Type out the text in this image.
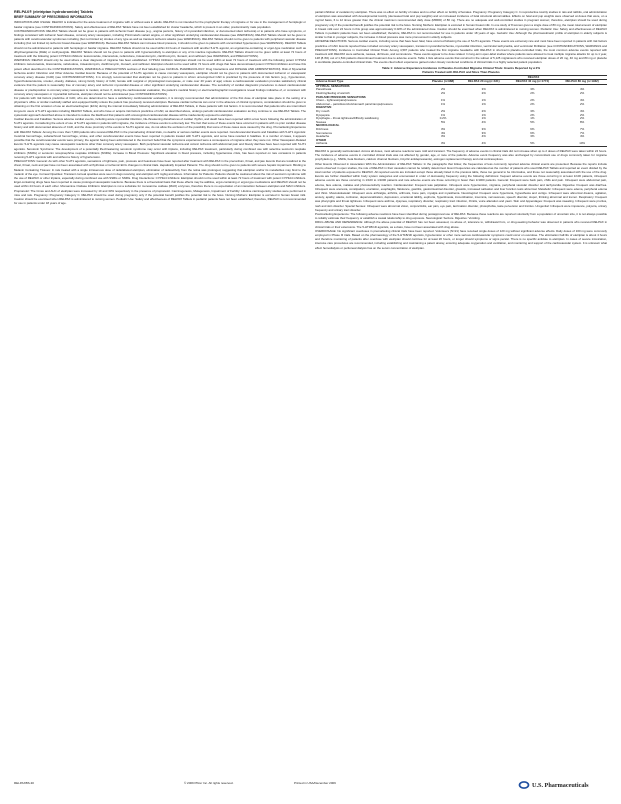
RELPAX® (eletriptan hydrobromide) Tablets
BRIEF SUMMARY OF PRESCRIBING INFORMATION

INDICATIONS AND USAGE: RELPAX is indicated for the acute treatment of migraine with or without aura in adults. RELPAX is not intended for the prophylactic therapy of migraine or for use in the management of hemiplegic or basilar migraine (see CONTRAINDICATIONS). Safety and effectiveness of RELPAX Tablets have not been established for cluster headache, which is present in an older, predominantly male population.

CONTRAINDICATIONS: RELPAX Tablets should not be given to patients with ischemic heart disease (e.g., angina pectoris, history of myocardial infarction, or documented silent ischemia) or to patients who have symptoms, or findings consistent with ischemic heart disease, coronary artery vasospasm, including Prinzmetal's variant angina, or other significant underlying cardiovascular disease (see WARNINGS). RELPAX Tablets should not be given to patients with cerebrovascular syndromes including (but not limited to) strokes of any type as well as transient ischemic attacks (see WARNINGS). RELPAX Tablets should not be given to patients with peripheral vascular disease including (but not limited to) ischemic bowel disease (see WARNINGS). Because RELPAX Tablets can increase blood pressure, it should not be given to patients with uncontrolled hypertension (see WARNINGS). RELPAX Tablets should not be administered to patients with hemiplegic or basilar migraine. RELPAX Tablets should not be used within 24 hours of treatment with another 5-HT1 agonist, an ergotamine-containing or ergot-type medication such as dihydroergotamine (DHE) or methysergide. RELPAX Tablets should not be given to patients with hypersensitivity to eletriptan or any of its inactive ingredients. RELPAX Tablets should not be given within at least 72 hours of treatment with the following potent CYP3A4 inhibitors: ketoconazole, itraconazole, nefazodone, troleandomycin, clarithromycin, ritonavir, and nelfinavir (see WARNINGS, and PRECAUTIONS).

WARNINGS: RELPAX should only be used where a clear diagnosis of migraine has been established. CYP3A4 Inhibitors: Eletriptan should not be used within at least 72 hours of treatment with the following potent CYP3A4 inhibitors: ketoconazole, itraconazole, nefazodone, troleandomycin, clarithromycin, ritonavir, and nelfinavir. Eletriptan should not be used within 72 hours with drugs that have demonstrated potent CYP3A4 inhibition and have this potent effect described in the CONTRAINDICATIONS, WARNINGS or PRECAUTIONS sections of their labeling (see CLINICAL PHARMACOLOGY: Drug Interactions and DOSAGE AND ADMINISTRATION). Risk of Myocardial Ischemia and/or Infarction and Other Adverse Cardiac Events: Because of the potential of 5-HT1 agonists to cause coronary vasospasm, eletriptan should not be given to patients with documented ischemic or vasospastic coronary artery disease (CAD) (see CONTRAINDICATIONS). It is strongly recommended that eletriptan not be given to patients in whom unrecognized CAD is predicted by the presence of risk factors (e.g., hypertension, hypercholesterolemia, smoker, obesity, diabetes, strong family history of CAD, female with surgical or physiological menopause, or male over 40 years of age) unless a cardiovascular evaluation provides satisfactory clinical evidence that the patient is reasonably free of coronary artery and ischemic myocardial disease or other significant underlying cardiovascular disease. The sensitivity of cardiac diagnostic procedures to detect cardiovascular disease or predisposition to coronary artery vasospasm is modest, at best. If, during the cardiovascular evaluation, the patient's medical history or electrocardiographic investigations reveal findings indicative of, or consistent with coronary artery vasospasm or myocardial ischemia, eletriptan should not be administered (see CONTRAINDICATIONS).

For patients with risk factors predictive of CAD, who are determined to have a satisfactory cardiovascular evaluation, it is strongly recommended that administration of the first dose of eletriptan take place in the setting of a physician's office or similar medically staffed and equipped facility unless the patient has previously received eletriptan. Because cardiac ischemia can occur in the absence of clinical symptoms, consideration should be given to obtaining on the first occasion of use an electrocardiogram (ECG) during the interval immediately following administration of RELPAX Tablets, in these patients with risk factors. It is recommended that patients who are intermittent long-term users of 5-HT1 agonists including RELPAX Tablets, and who have or acquire risk factors predictive of CAD, as described above, undergo periodic cardiovascular evaluation as they continue to use RELPAX Tablets. The systematic approach described above is intended to reduce the likelihood that patients with unrecognized cardiovascular disease will be inadvertently exposed to eletriptan.

Cardiac Events and Fatalities: Serious adverse cardiac events, including acute myocardial infarction, life-threatening disturbances of cardiac rhythm, and death have been reported within a few hours following the administration of 5-HT1 agonists. Considering the extent of use of 5-HT1 agonists in patients with migraine, the incidence of these events is extremely low. The fact that some of these events have occurred in patients with no prior cardiac disease history and with documented absence of CAD, and the close proximity of the events to 5-HT1 agonist use, do not allow the exclusion of the possibility that some of these cases were caused by the drug. Premarketing Experience with RELPAX Tablets: Among the more than 7,000 patients who received RELPAX in the premarketing clinical trials, no deaths or serious cardiac events were reported. Cerebrovascular Events and Fatalities with 5-HT1 Agonists: Cerebral hemorrhage, subarachnoid hemorrhage, stroke, and other cerebrovascular events have been reported in patients treated with 5-HT1 agonists, and some have resulted in fatalities. In a number of cases, it appears possible that the cerebrovascular events were primary, the agonist having been administered in the incorrect belief that the symptoms experienced were a consequence of migraine when they were not. Other Vasospasm-Related Events: 5-HT1 agonists may cause vasospastic reactions other than coronary artery vasospasm. Both peripheral vascular ischemia and colonic ischemia with abdominal pain and bloody diarrhea have been reported with 5-HT1 agonists. Serotonin Syndrome: The development of a potentially life-threatening serotonin syndrome may occur with triptans, including RELPAX treatment, particularly during combined use with selective serotonin reuptake inhibitors (SSRIs) or serotonin norepinephrine reuptake inhibitors (SNRIs). Increase in Blood Pressure: Significant elevation in blood pressure, including hypertensive crisis, has been reported on rare occasions in patients receiving 5-HT1 agonists with and without a history of hypertension.

PRECAUTIONS: General: As with other 5-HT1 agonists, sensations of tightness, pain, pressure and heaviness have been reported after treatment with RELPAX in the precordium, throat, and jaw. Events that are localized to the chest, throat, neck and jaw have not been associated with arrhythmias or ischemic ECG changes in clinical trials. Hepatically Impaired Patients: The drug should not be given to patients with severe hepatic impairment. Binding to Melanin Containing Tissues: In rats treated with a single intravenous dose of radiolabeled eletriptan, elimination of radioactivity from the retina was prolonged, suggesting that eletriptan and/or its metabolites may bind to the melanin of the eye. Corneal Opacities: Transient corneal opacities were seen in dogs receiving oral eletriptan at 5 mg/kg and above. Information for Patients: Patients should be cautioned about the risk of serotonin syndrome with the use of RELPAX or other triptans, especially during combined use with SSRIs or SNRIs. Drug Interactions: CYP3A4 Inhibitors: Eletriptan should not be used within at least 72 hours of treatment with potent CYP3A4 inhibitors. Ergot-containing drugs have been reported to cause prolonged vasospastic reactions. Because there is a theoretical basis that these effects may be additive, ergot-containing or ergot-type medications and RELPAX should not be used within 24 hours of each other. Monoamine Oxidase Inhibitors: Eletriptan is not a substrate for monoamine oxidase (MAO) enzymes, therefore there is no expectation of an interaction between eletriptan and MAO inhibitors. Propranolol: The Cmax and AUC of eletriptan were increased by 10 and 33% respectively in the presence of propranolol. Carcinogenesis, Mutagenesis, Impairment of Fertility: Lifetime carcinogenicity studies were performed in mice and rats. Pregnancy: Pregnancy Category C. RELPAX should be used during pregnancy only if the potential benefit justifies the potential risk to the fetus. Nursing Mothers: Eletriptan is excreted in human breast milk. Caution should be exercised when RELPAX is administered to nursing women. Pediatric Use: Safety and effectiveness of RELPAX Tablets in pediatric patients have not been established; therefore, RELPAX is not recommended for use in patients under 18 years of age.

partial inhibition of ovulation by eletriptan. There was no effect on fertility of males and no other effect on fertility of females. Pregnancy: Pregnancy Category C. In reproductive toxicity studies in rats and rabbits, oral administration of eletriptan was associated with developmental toxicity (decreased fetal and pup weights) and an increased incidence of fetal structural abnormalities. Effects on fetal and pup weights were observed at doses that were, on a mg/m2 basis, 6 to 12 times greater than the clinical maximum recommended daily dose (MRDD) of 80 mg. There are no adequate and well-controlled studies in pregnant women; therefore, eletriptan should be used during pregnancy only if the potential benefit justifies the potential risk to the fetus. Nursing Mothers: Eletriptan is excreted in human breast milk. In one study of 8 women given a single dose of 80 mg, the mean total amount of eletriptan in breast milk over 24 hours in this group was approximately 0.02% of the administered dose. Caution should be exercised when RELPAX is administered to nursing women. Pediatric Use: Safety and effectiveness of RELPAX Tablets in pediatric patients have not been established; therefore, RELPAX is not recommended for use in patients under 18 years of age. Geriatric Use: Although the pharmacokinetic profile of eletriptan in elderly subjects is similar to that in younger subjects, the increase in blood pressure was more pronounced in elderly subjects.

ADVERSE REACTIONS: Serious cardiac events, including some that have been fatal, have occurred following the use of 5-HT1 agonists. These events are extremely rare and most have been reported in patients with risk factors predictive of CAD. Events reported have included coronary artery vasospasm, transient myocardial ischemia, myocardial infarction, ventricular tachycardia, and ventricular fibrillation (see CONTRAINDICATIONS, WARNINGS and PRECAUTIONS). Incidence in Controlled Clinical Trials: Among 4,597 patients who treated the first migraine headache with RELPAX in short-term placebo-controlled trials, the most common adverse events reported with treatment with RELPAX were asthenia, nausea, dizziness, and somnolence. These events appear to be dose related. In long-term open-label studies where patients were allowed to treat multiple migraine attacks for up to 1 year, 128 (8.3%) out of 1,544 patients discontinued treatment due to adverse events. Table 1 lists adverse events that occurred in the subset of 5,125 migraineurs who received eletriptan doses of 20 mg, 40 mg and 80 mg or placebo in worldwide placebo-controlled clinical trials. The events cited reflect experience gained under closely monitored conditions of clinical trials in a highly selected patient population.

Table 1: Adverse Experience Incidence in Placebo-Controlled Migraine Clinical Trials: Events Reported by ≥ 2%
Patients Treated with RELPAX and More Than Placebo
		RELPAX		
Adverse Event Type	Placebo (n=988)	RELPAX 20 mg (n=431)	RELPAX 40 mg (n=1774)	RELPAX 80 mg (n=1932)
ATYPICAL SENSATIONS				
Paresthesia	2%	3%	3%	4%
Flushing/feeling of warmth	2%	2%	2%	2%
PAIN AND PRESSURE SENSATIONS				
Chest – tightness/pain/pressure	1%	1%	2%	4%
Abdominal – pain/discomfort/stomach pain/cramps/pressure	1%	1%	2%	2%
DIGESTIVE				
Dry mouth	2%	2%	3%	4%
Dyspepsia	1%	1%	2%	2%
Dysphagia – throat tightness/difficulty swallowing	0.2%	1%	1%	2%
Nausea	5%	4%	5%	8%
NEUROLOGICAL				
Dizziness	3%	3%	6%	7%
Somnolence	4%	3%	6%	7%
Headache	3%	4%	3%	4%
OTHER				
Asthenia	3%	4%	5%	10%

RELPAX is generally well-tolerated. Across all doses, most adverse reactions were mild and transient. The frequency of adverse events in clinical trials did not increase when up to 2 doses of RELPAX were taken within 24 hours. The incidence of adverse events in controlled clinical trials was not affected by gender, age, or race of the patients. Adverse event frequency was also unchanged by concomitant use of drugs commonly taken for migraine prophylaxis (e.g., SSRIs, beta blockers, calcium channel blockers, tricyclic antidepressants), estrogen replacement therapy and oral contraceptives.

Other Events Observed in Association With the Administration of RELPAX Tablets: In the paragraphs that follow, the frequencies of less commonly reported adverse clinical events are presented. Because the reports include events observed in open studies, the role of RELPAX in their causation cannot be reliably determined. Event frequencies are calculated as the number of patients who used RELPAX Tablets and reported an event divided by the total number of patients exposed to RELPAX. All reported events are included except those already listed in the previous table, those too general to be informative, and those not reasonably associated with the use of the drug. Events are further classified within body system categories and enumerated in order of decreasing frequency using the following definitions: frequent adverse events are those occurring in at least 1/100 patients, infrequent adverse events are those occurring in 1/100 to 1/1000 patients and rare adverse events are those occurring in fewer than 1/1000 patients. General: Frequent were back pain, chills and pain. Infrequent were abdominal pain, edema, face edema, malaise and photosensitivity reaction. Cardiovascular: Frequent was palpitation. Infrequent were hypertension, migraine, peripheral vascular disorder and tachycardia. Digestive: Frequent was diarrhea. Infrequent were anorexia, constipation, eructation, esophagitis, flatulence, gastritis, gastrointestinal disorder, glossitis, increased salivation and liver function tests abnormal. Metabolic: Infrequent were edema, peripheral edema and thirst. Musculoskeletal: Infrequent were arthralgia, arthritis, arthrosis, bone pain, myalgia and myasthenia. Neurological: Frequent were hypertonia, hypesthesia and vertigo. Infrequent were abnormal dreams, agitation, anxiety, apathy, ataxia, confusion, depersonalization, depression, emotional lability, euphoria, hyperkinesia, incoordination, insomnia, nervousness, speech disorder, stupor, thinking abnormal and tremor. Respiratory: Frequent was pharyngitis and throat tightness. Infrequent were asthma, dyspnea, respiratory disorder, respiratory tract infection, rhinitis, voice alteration and yawn. Skin and Appendages: Frequent was sweating. Infrequent were pruritus, rash and skin disorder. Special Senses: Infrequent were abnormal vision, conjunctivitis, ear pain, eye pain, lacrimation disorder, photophobia, taste perversion and tinnitus. Urogenital: Infrequent were impotence, polyuria, urinary frequency and urinary tract disorder.

Postmarketing Experience: The following adverse reactions have been identified during postapproval use of RELPAX. Because these reactions are reported voluntarily from a population of uncertain size, it is not always possible to reliably estimate their frequency or establish a causal relationship to drug exposure. Neurological: Seizure. Digestive: Vomiting.

DRUG ABUSE AND DEPENDENCE: Although the abuse potential of RELPAX has not been assessed, no abuse of, tolerance to, withdrawal from, or drug-seeking behavior was observed in patients who received RELPAX in clinical trials or their extensions. The 5-HT1B/1D agonists, as a class, have not been associated with drug abuse.

OVERDOSAGE: No significant overdoses in premarketing clinical trials have been reported. Volunteers (N=21) have received single doses of 120 mg without significant adverse effects. Daily doses of 160 mg were commonly employed in Phase III trials. Based on the pharmacology of the 5-HT1B/1D agonists, hypertension or other more serious cardiovascular symptoms could occur on overdose. The elimination half-life of eletriptan is about 4 hours and therefore monitoring of patients after overdose with eletriptan should continue for at least 20 hours, or longer should symptoms or signs persist. There is no specific antidote to eletriptan. In cases of severe intoxication, intensive care procedures are recommended, including establishing and maintaining a patent airway, ensuring adequate oxygenation and ventilation, and monitoring and support of the cardiovascular system. It is unknown what effect hemodialysis or peritoneal dialysis has on the serum concentration of eletriptan.

RELPAXBS-30	© 2009 Pfizer Inc. All rights reserved.	Printed in USA/December 2009	U.S. Pharmaceuticals
